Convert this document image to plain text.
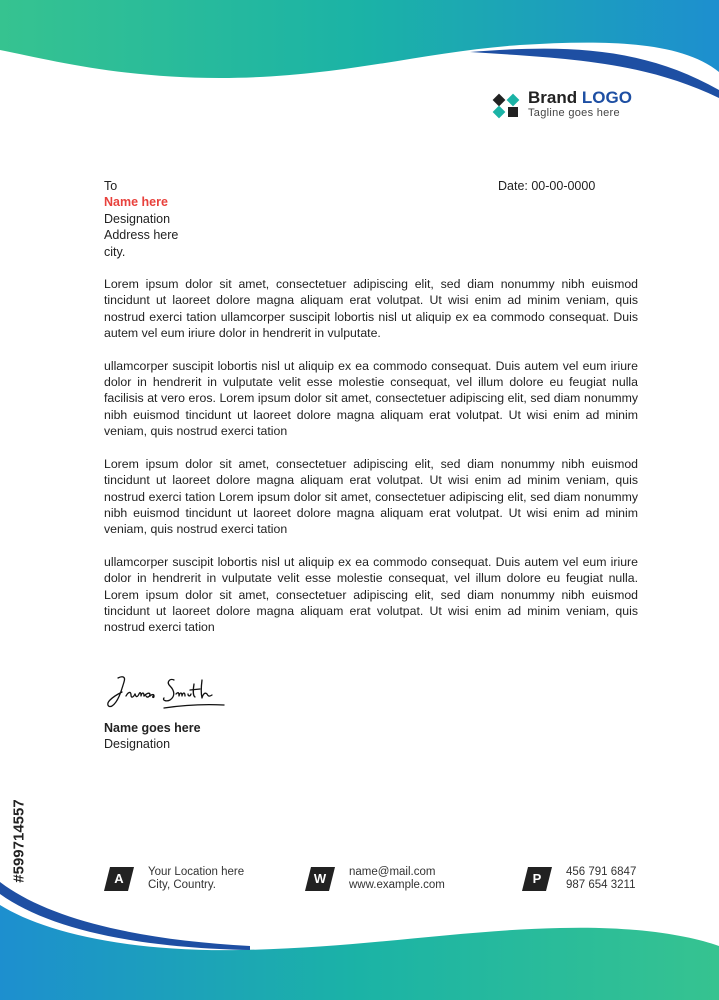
Brand LOGO
Tagline goes here
To
Name here
Designation
Address here
city.
Date: 00-00-0000

Lorem ipsum dolor sit amet, consectetuer adipiscing elit, sed diam nonummy nibh euismod tincidunt ut laoreet dolore magna aliquam erat volutpat. Ut wisi enim ad minim veniam, quis nostrud exerci tation ullamcorper suscipit lobortis nisl ut aliquip ex ea commodo consequat. Duis autem vel eum iriure dolor in hendrerit in vulputate.

ullamcorper suscipit lobortis nisl ut aliquip ex ea commodo consequat. Duis autem vel eum iriure dolor in hendrerit in vulputate velit esse molestie consequat, vel illum dolore eu feugiat nulla facilisis at vero eros. Lorem ipsum dolor sit amet, consectetuer adipiscing elit, sed diam nonummy nibh euismod tincidunt ut laoreet dolore magna aliquam erat volutpat. Ut wisi enim ad minim veniam, quis nostrud exerci tation

Lorem ipsum dolor sit amet, consectetuer adipiscing elit, sed diam nonummy nibh euismod tincidunt ut laoreet dolore magna aliquam erat volutpat. Ut wisi enim ad minim veniam, quis nostrud exerci tation Lorem ipsum dolor sit amet, consectetuer adipiscing elit, sed diam nonummy nibh euismod tincidunt ut laoreet dolore magna aliquam erat volutpat. Ut wisi enim ad minim veniam, quis nostrud exerci tation

ullamcorper suscipit lobortis nisl ut aliquip ex ea commodo consequat. Duis autem vel eum iriure dolor in hendrerit in vulputate velit esse molestie consequat, vel illum dolore eu feugiat nulla. Lorem ipsum dolor sit amet, consectetuer adipiscing elit, sed diam nonummy nibh euismod tincidunt ut laoreet dolore magna aliquam erat volutpat. Ut wisi enim ad minim veniam, quis nostrud exerci tation

Name goes here
Designation
A	Your Location here
City, Country.	W	name@mail.com
www.example.com	P	456 791 6847
987 654 3211
#599714557
